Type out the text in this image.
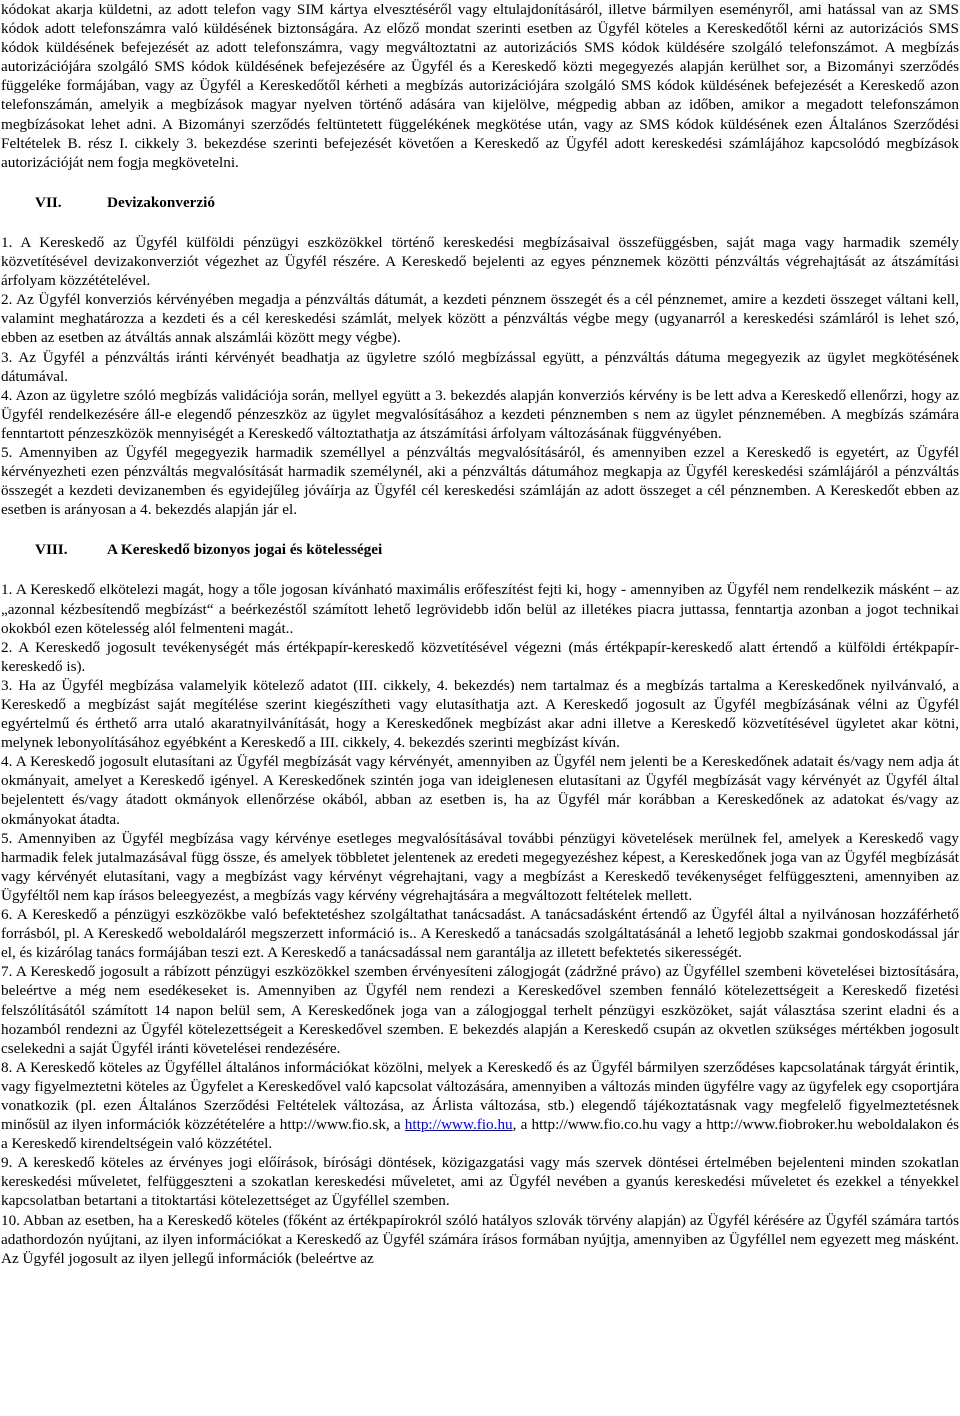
kódokat akarja küldetni, az adott telefon vagy SIM kártya elvesztéséről vagy eltulajdonításáról, illetve bármilyen eseményről, ami hatással van az SMS kódok adott telefonszámra való küldésének biztonságára. Az előző mondat szerinti esetben az Ügyfél köteles a Kereskedőtől kérni az autorizációs SMS kódok küldésének befejezését az adott telefonszámra, vagy megváltoztatni az autorizációs SMS kódok küldésére szolgáló telefonszámot. A megbízás autorizációjára szolgáló SMS kódok küldésének befejezésére az Ügyfél és a Kereskedő közti megegyezés alapján kerülhet sor, a Bizományi szerződés függeléke formájában, vagy az Ügyfél a Kereskedőtől kérheti a megbízás autorizációjára szolgáló SMS kódok küldésének befejezését a Kereskedő azon telefonszámán, amelyik a megbízások magyar nyelven történő adására van kijelölve, mégpedig abban az időben, amikor a megadott telefonszámon megbízásokat lehet adni. A Bizományi szerződés feltüntetett függelékének megkötése után, vagy az SMS kódok küldésének ezen Általános Szerződési Feltételek B. rész I. cikkely 3. bekezdése szerinti befejezését követően a Kereskedő az Ügyfél adott kereskedési számlájához kapcsolódó megbízások autorizációját nem fogja megkövetelni.

VII.	Devizakonverzió

1. A Kereskedő az Ügyfél külföldi pénzügyi eszközökkel történő kereskedési megbízásaival összefüggésben, saját maga vagy harmadik személy közvetítésével devizakonverziót végezhet az Ügyfél részére. A Kereskedő bejelenti az egyes pénznemek közötti pénzváltás végrehajtását az átszámítási árfolyam közzétételével.

2. Az Ügyfél konverziós kérvényében megadja a pénzváltás dátumát, a kezdeti pénznem összegét és a cél pénznemet, amire a kezdeti összeget váltani kell, valamint meghatározza a kezdeti és a cél kereskedési számlát, melyek között a pénzváltás végbe megy (ugyanarról a kereskedési számláról is lehet szó, ebben az esetben az átváltás annak alszámlái között megy végbe).

3. Az Ügyfél a pénzváltás iránti kérvényét beadhatja az ügyletre szóló megbízással együtt, a pénzváltás dátuma megegyezik az ügylet megkötésének dátumával.

4. Azon az ügyletre szóló megbízás validációja során, mellyel együtt a 3. bekezdés alapján konverziós kérvény is be lett adva a Kereskedő ellenőrzi, hogy az Ügyfél rendelkezésére áll-e elegendő pénzeszköz az ügylet megvalósításához a kezdeti pénznemben s nem az ügylet pénznemében. A megbízás számára fenntartott pénzeszközök mennyiségét a Kereskedő változtathatja az átszámítási árfolyam változásának függvényében.

5. Amennyiben az Ügyfél megegyezik harmadik személlyel a pénzváltás megvalósításáról, és amennyiben ezzel a Kereskedő is egyetért, az Ügyfél kérvényezheti ezen pénzváltás megvalósítását harmadik személynél, aki a pénzváltás dátumához megkapja az Ügyfél kereskedési számlájáról a pénzváltás összegét a kezdeti devizanemben és egyidejűleg jóváírja az Ügyfél cél kereskedési számláján az adott összeget a cél pénznemben. A Kereskedőt ebben az esetben is arányosan a 4. bekezdés alapján jár el.

VIII.	A Kereskedő bizonyos jogai és kötelességei

1. A Kereskedő elkötelezi magát, hogy a tőle jogosan kívánható maximális erőfeszítést fejti ki, hogy - amennyiben az Ügyfél nem rendelkezik másként – az „azonnal kézbesítendő megbízást“ a beérkezéstől számított lehető legrövidebb időn belül az illetékes piacra juttassa, fenntartja azonban a jogot technikai okokból ezen kötelesség alól felmenteni magát..

2. A Kereskedő jogosult tevékenységét más értékpapír-kereskedő közvetítésével végezni (más értékpapír-kereskedő alatt értendő a külföldi értékpapír-kereskedő is).

3. Ha az Ügyfél megbízása valamelyik kötelező adatot (III. cikkely, 4. bekezdés) nem tartalmaz és a megbízás tartalma a Kereskedőnek nyilvánvaló, a Kereskedő a megbízást saját megítélése szerint kiegészítheti vagy elutasíthatja azt. A Kereskedő jogosult az Ügyfél megbízásának vélni az Ügyfél egyértelmű és érthető arra utaló akaratnyilvánítását, hogy a Kereskedőnek megbízást akar adni illetve a Kereskedő közvetítésével ügyletet akar kötni, melynek lebonyolításához egyébként a Kereskedő a III. cikkely, 4. bekezdés szerinti megbízást kíván.

4. A Kereskedő jogosult elutasítani az Ügyfél megbízását vagy kérvényét, amennyiben az Ügyfél nem jelenti be a Kereskedőnek adatait és/vagy nem adja át okmányait, amelyet a Kereskedő igényel. A Kereskedőnek szintén joga van ideiglenesen elutasítani az Ügyfél megbízását vagy kérvényét az Ügyfél által bejelentett és/vagy átadott okmányok ellenőrzése okából, abban az esetben is, ha az Ügyfél már korábban a Kereskedőnek az adatokat és/vagy az okmányokat átadta.

5. Amennyiben az Ügyfél megbízása vagy kérvénye esetleges megvalósításával további pénzügyi követelések merülnek fel, amelyek a Kereskedő vagy harmadik felek jutalmazásával függ össze, és amelyek többletet jelentenek az eredeti megegyezéshez képest, a Kereskedőnek joga van az Ügyfél megbízását vagy kérvényét elutasítani, vagy a megbízást vagy kérvényt végrehajtani, vagy a megbízást a Kereskedő tevékenységet felfüggeszteni, amennyiben az Ügyféltől nem kap írásos beleegyezést, a megbízás vagy kérvény végrehajtására a megváltozott feltételek mellett.

6. A Kereskedő a pénzügyi eszközökbe való befektetéshez szolgáltathat tanácsadást. A tanácsadásként értendő az Ügyfél által a nyilvánosan hozzáférhető forrásból, pl. A Kereskedő weboldaláról megszerzett információ is.. A Kereskedő a tanácsadás szolgáltatásánál a lehető legjobb szakmai gondoskodással jár el, és kizárólag tanács formájában teszi ezt. A Kereskedő a tanácsadással nem garantálja az illetett befektetés sikerességét.

7. A Kereskedő jogosult a rábízott pénzügyi eszközökkel szemben érvényesíteni zálogjogát (zádržné právo) az Ügyféllel szembeni követelései biztosítására, beleértve a még nem esedékeseket is. Amennyiben az Ügyfél nem rendezi a Kereskedővel szemben fennáló kötelezettségeit a Kereskedő fizetési felszólításától számított 14 napon belül sem, A Kereskedőnek joga van a zálogjoggal terhelt pénzügyi eszközöket, saját választása szerint eladni és a hozamból rendezni az Ügyfél kötelezettségeit a Kereskedővel szemben. E bekezdés alapján a Kereskedő csupán az okvetlen szükséges mértékben jogosult cselekedni a saját Ügyfél iránti követelései rendezésére.

8. A Kereskedő köteles az Ügyféllel általános információkat közölni, melyek a Kereskedő és az Ügyfél bármilyen szerződéses kapcsolatának tárgyát érintik, vagy figyelmeztetni köteles az Ügyfelet a Kereskedővel való kapcsolat változására, amennyiben a változás minden ügyfélre vagy az ügyfelek egy csoportjára vonatkozik (pl. ezen Általános Szerződési Feltételek változása, az Árlista változása, stb.) elegendő tájékoztatásnak vagy megfelelő figyelmeztetésnek minősül az ilyen információk közzétételére a http://www.fio.sk, a http://www.fio.hu, a http://www.fio.co.hu vagy a http://www.fiobroker.hu weboldalakon és a Kereskedő kirendeltségein való közzététel.

9. A kereskedő köteles az érvényes jogi előírások, bírósági döntések, közigazgatási vagy más szervek döntései értelmében bejelenteni minden szokatlan kereskedési műveletet, felfüggeszteni a szokatlan kereskedési műveletet, ami az Ügyfél nevében a gyanús kereskedési műveletet és ezekkel a tényekkel kapcsolatban betartani a titoktartási kötelezettséget az Ügyféllel szemben.

10. Abban az esetben, ha a Kereskedő köteles (főként az értékpapírokról szóló hatályos szlovák törvény alapján) az Ügyfél kérésére az Ügyfél számára tartós adathordozón nyújtani, az ilyen információkat a Kereskedő az Ügyfél számára írásos formában nyújtja, amennyiben az Ügyféllel nem egyezett meg másként. Az Ügyfél jogosult az ilyen jellegű információk (beleértve az
